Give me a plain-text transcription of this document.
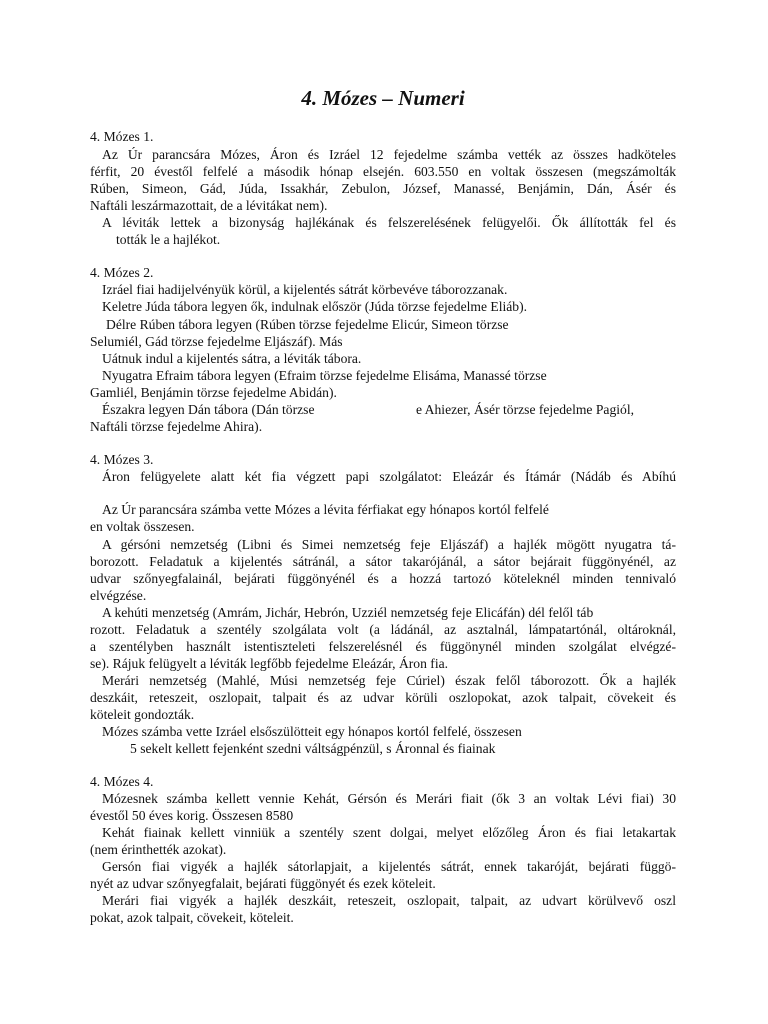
4. Mózes – Numeri
4. Mózes 1.
Az Úr parancsára Mózes, Áron és Izráel 12 fejedelme számba vették az összes hadköteles
férfit, 20 évestől felfelé a második hónap elsején. 603.550 en voltak összesen (megszámolták
Rúben, Simeon, Gád, Júda, Issakhár, Zebulon, József, Manassé, Benjámin, Dán, Ásér és
Naftáli leszármazottait, de a lévitákat nem).
A léviták lettek a bizonyság hajlékának és felszerelésének felügyelői. Ők állították fel és
tották le a hajlékot.
4. Mózes 2.
Izráel fiai hadijelvényük körül, a kijelentés sátrát körbevéve táborozzanak.
Keletre Júda tábora legyen ők, indulnak először (Júda törzse fejedelme Eliáb).
Délre Rúben tábora legyen (Rúben törzse fejedelme Elicúr, Simeon törzse
Selumiél, Gád törzse fejedelme Eljászáf). Más
Uátnuk indul a kijelentés sátra, a léviták tábora.
Nyugatra Efraim tábora legyen (Efraim törzse fejedelme Elisáma, Manassé törzse
Gamliél, Benjámin törzse fejedelme Abidán).
Északra legyen Dán tábora (Dán törzse	e Ahiezer, Ásér törzse fejedelme Pagiól,
Naftáli törzse fejedelme Ahira).
4. Mózes 3.
Áron felügyelete alatt két fia végzett papi szolgálatot: Eleázár és Ítámár (Nádáb és Abíhú
Az Úr parancsára számba vette Mózes a lévita férfiakat egy hónapos kortól felfelé
en voltak összesen.
A gérsóni nemzetség (Libni és Simei nemzetség feje Eljászáf) a hajlék mögött nyugatra tá-
borozott. Feladatuk a kijelentés sátránál, a sátor takarójánál, a sátor bejárait függönyénél, az
udvar szőnyegfalainál, bejárati függönyénél és a hozzá tartozó köteleknél minden tennivaló
elvégzése.
A kehúti menzetség (Amrám, Jichár, Hebrón, Uzziél nemzetség feje Elicáfán) dél felől táb
rozott. Feladatuk a szentély szolgálata volt (a ládánál, az asztalnál, lámpatartónál, oltároknál,
a szentélyben használt istentiszteleti felszerelésnél és függönynél minden szolgálat elvégzé-
se). Rájuk felügyelt a léviták legfőbb fejedelme Eleázár, Áron fia.
Merári nemzetség (Mahlé, Músi nemzetség feje Cúriel) észak felől táborozott. Ők a hajlék
deszkáit, reteszeit, oszlopait, talpait és az udvar körüli oszlopokat, azok talpait, cövekeit és
köteleit gondozták.
Mózes számba vette Izráel elsőszülötteit egy hónapos kortól felfelé, összesen
5 sekelt kellett fejenként szedni váltságpénzül, s Áronnal és fiainak
4. Mózes 4.
Mózesnek számba kellett vennie Kehát, Gérsón és Merári fiait (ők 3 an voltak Lévi fiai) 30
évestől 50 éves korig. Összesen 8580
Kehát fiainak kellett vinniük a szentély szent dolgai, melyet előzőleg Áron és fiai letakartak
(nem érinthették azokat).
Gersón fiai vigyék a hajlék sátorlapjait, a kijelentés sátrát, ennek takaróját, bejárati függö-
nyét az udvar szőnyegfalait, bejárati függönyét és ezek köteleit.
Merári fiai vigyék a hajlék deszkáit, reteszeit, oszlopait, talpait, az udvart körülvevő oszl
pokat, azok talpait, cövekeit, köteleit.
